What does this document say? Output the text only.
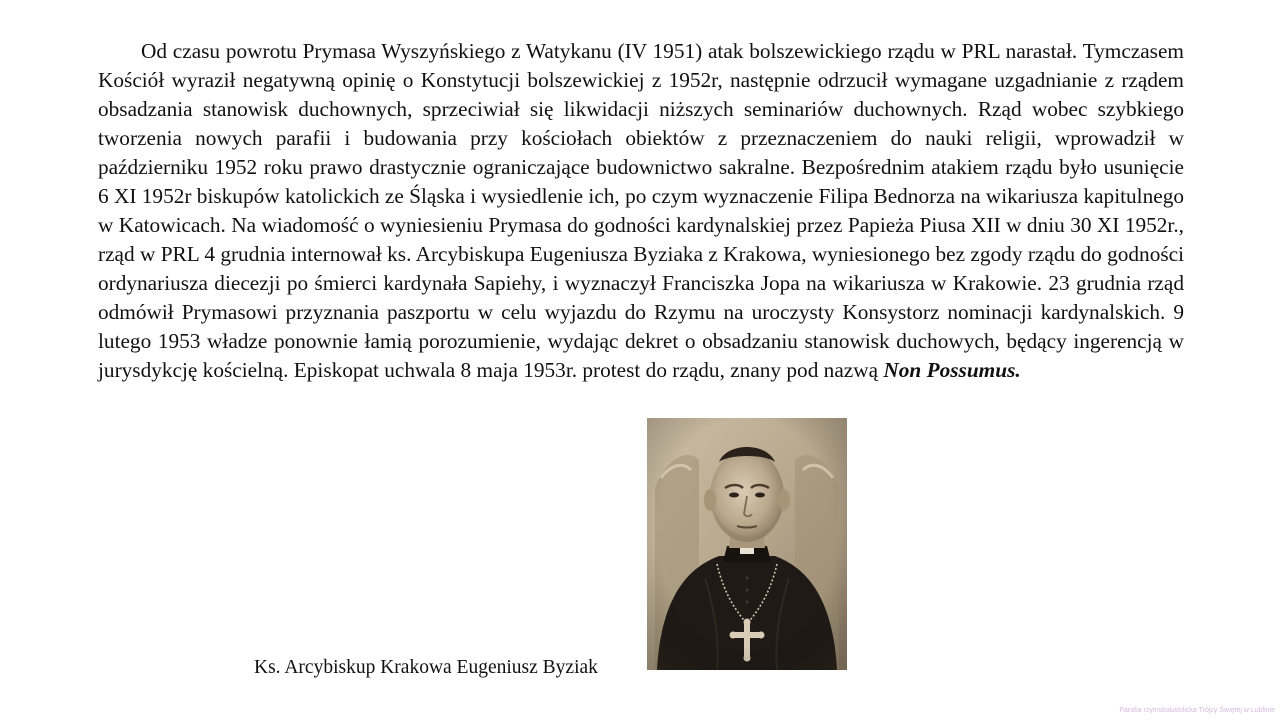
Od czasu powrotu Prymasa Wyszyńskiego z Watykanu (IV 1951) atak bolszewickiego rządu w PRL narastał. Tymczasem Kościół wyraził negatywną opinię o Konstytucji bolszewickiej z 1952r, następnie odrzucił wymagane uzgadnianie z rządem obsadzania stanowisk duchownych, sprzeciwiał się likwidacji niższych seminariów duchownych. Rząd wobec szybkiego tworzenia nowych parafii i budowania przy kościołach obiektów z przeznaczeniem do nauki religii, wprowadził w październiku 1952 roku prawo drastycznie ograniczające budownictwo sakralne. Bezpośrednim atakiem rządu było usunięcie 6 XI 1952r biskupów katolickich ze Śląska i wysiedlenie ich, po czym wyznaczenie Filipa Bednorza na wikariusza kapitulnego w Katowicach. Na wiadomość o wyniesieniu Prymasa do godności kardynalskiej przez Papieża Piusa XII w dniu 30 XI 1952r., rząd w PRL 4 grudnia internował ks. Arcybiskupa Eugeniusza Byziaka z Krakowa, wyniesionego bez zgody rządu do godności ordynariusza diecezji po śmierci kardynała Sapiehy, i wyznaczył Franciszka Jopa na wikariusza w Krakowie. 23 grudnia rząd odmówił Prymasowi przyznania paszportu w celu wyjazdu do Rzymu na uroczysty Konsystorz nominacji kardynalskich. 9 lutego 1953 władze ponownie łamią porozumienie, wydając dekret o obsadzaniu stanowisk duchowych, będący ingerencją w jurysdykcję kościelną. Episkopat uchwala 8 maja 1953r. protest do rządu, znany pod nazwą Non Possumus.

Ks. Arcybiskup Krakowa Eugeniusz Byziak

Parafia rzymskokatolicka Trójcy Świętej w Lublinie
